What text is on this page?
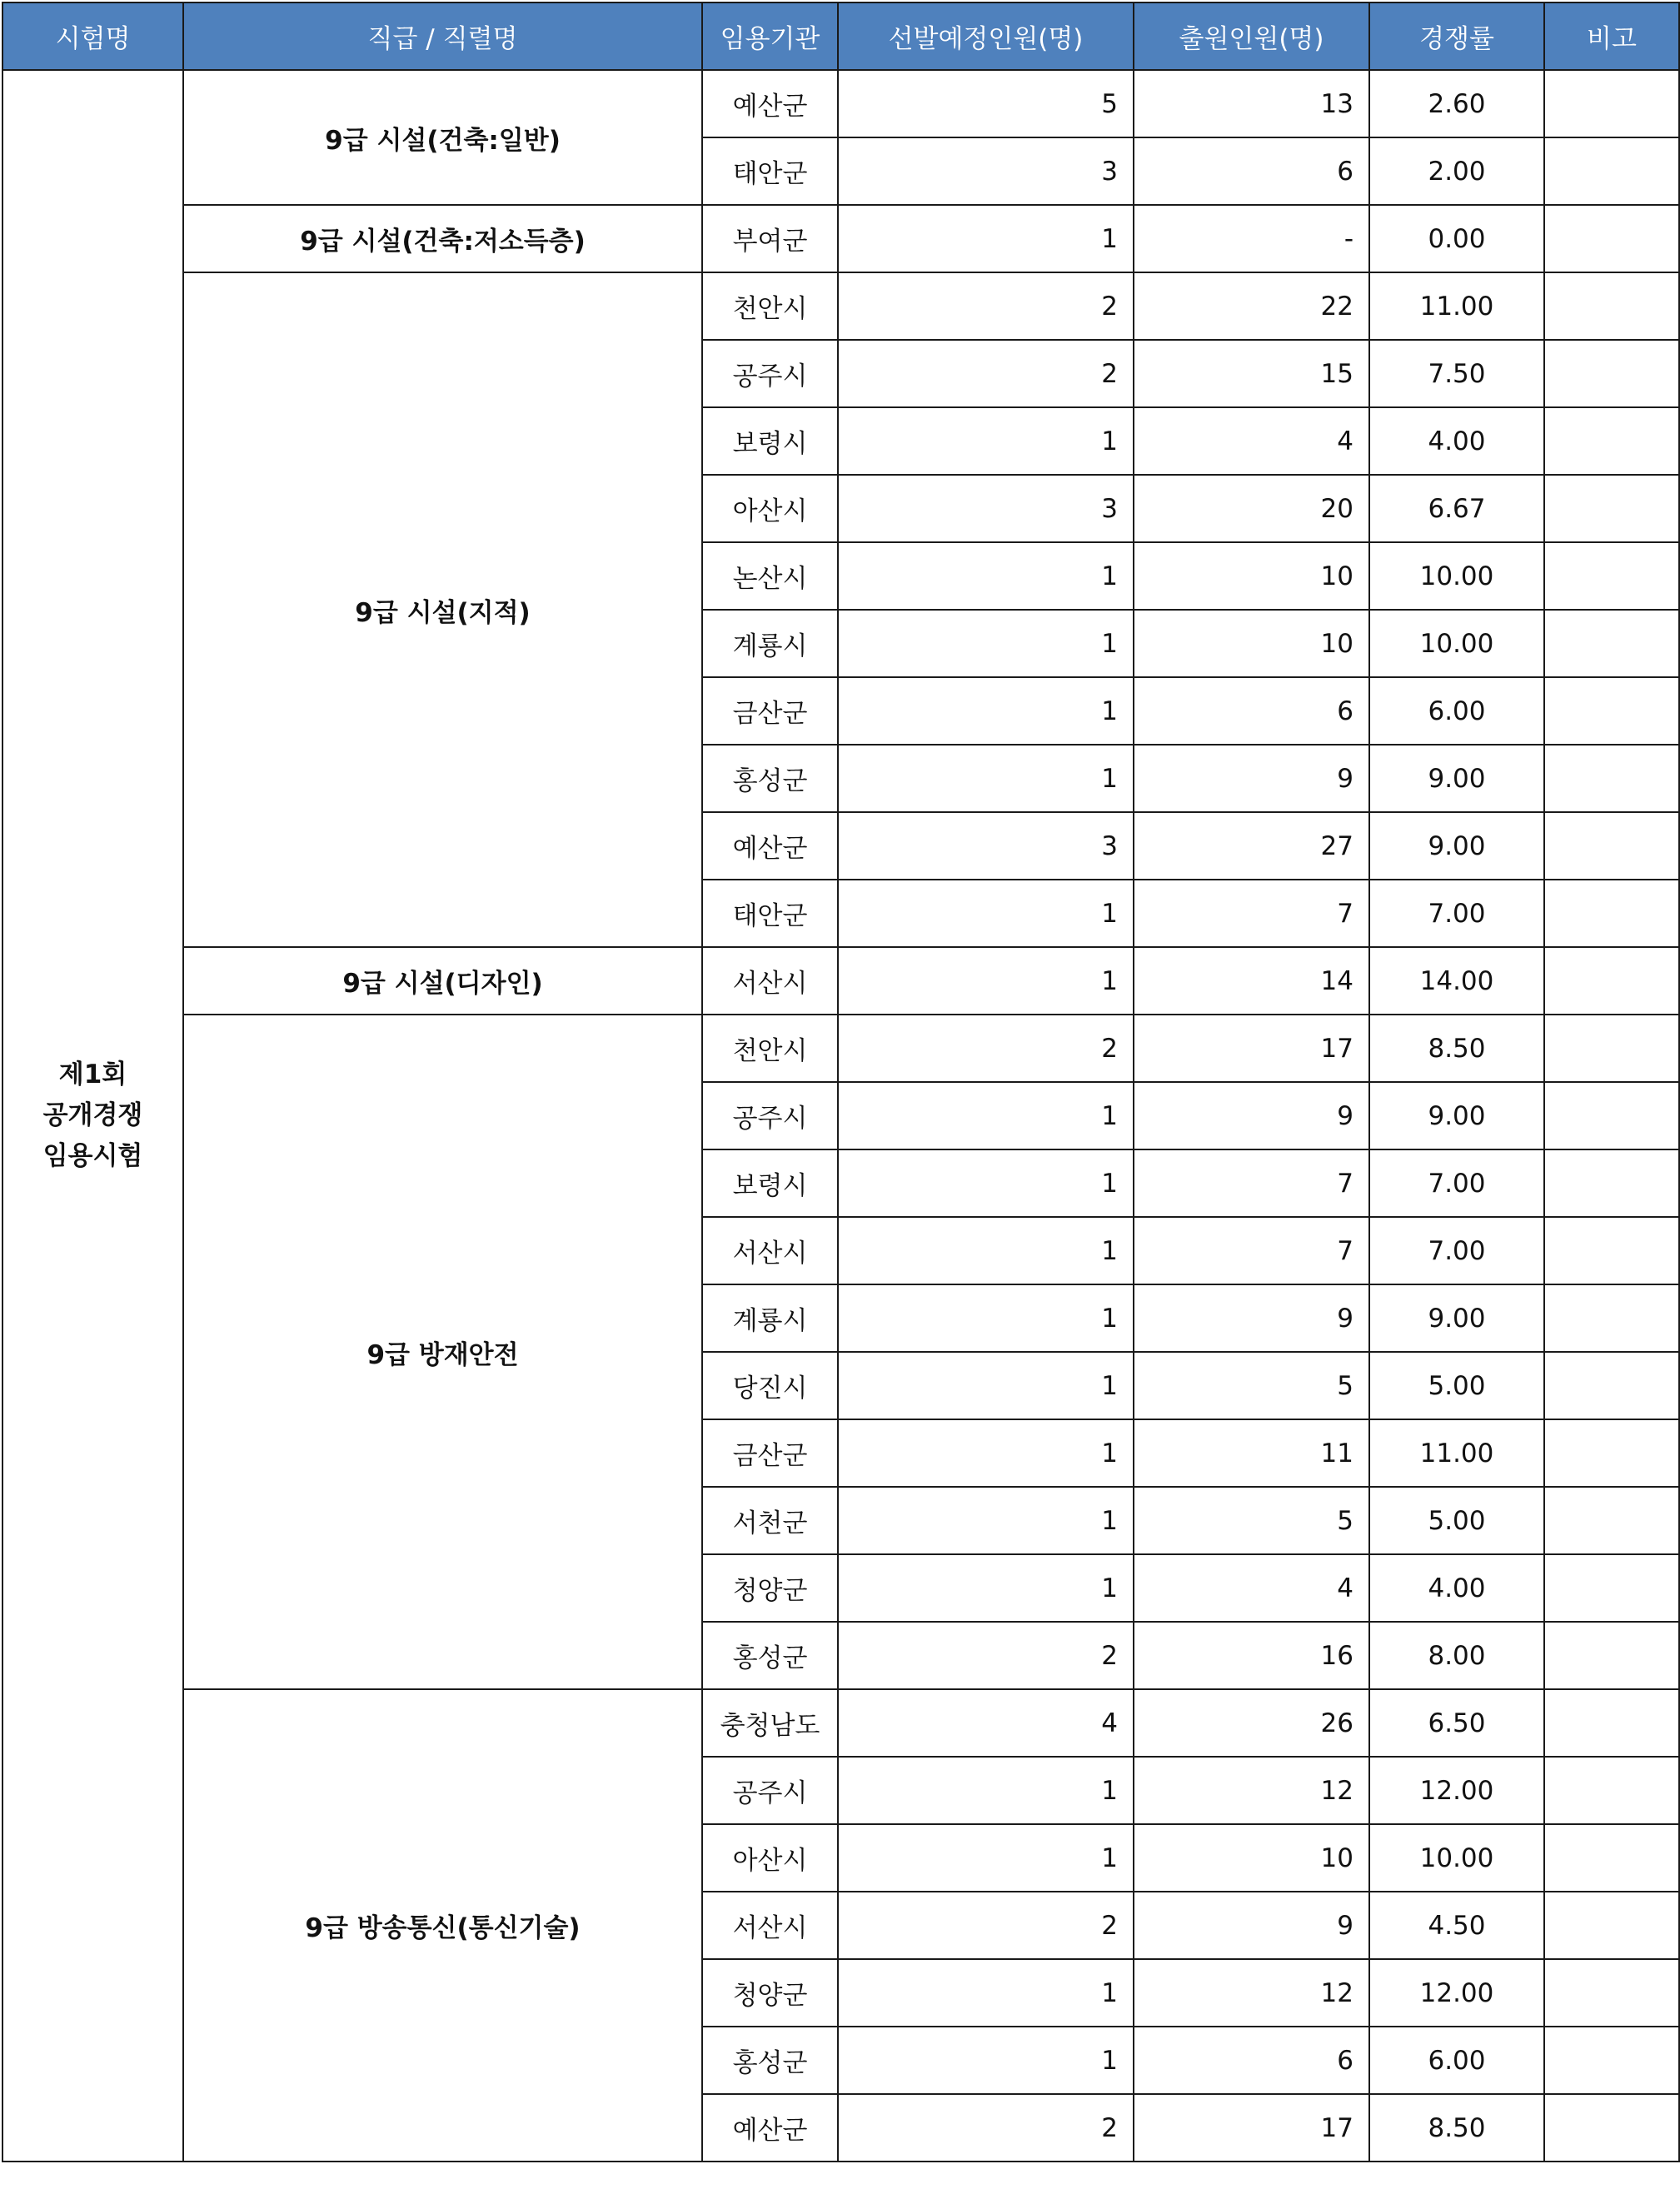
시험명	직급 / 직렬명	임용기관	선발예정인원(명)	출원인원(명)	경쟁률	비고

제1회
공개경쟁
임용시험	9급 시설(건축:일반)	예산군	5	13	2.60	
		태안군	3	6	2.00	
	9급 시설(건축:저소득층)	부여군	1	-	0.00	
	9급 시설(지적)	천안시	2	22	11.00	
		공주시	2	15	7.50	
		보령시	1	4	4.00	
		아산시	3	20	6.67	
		논산시	1	10	10.00	
		계룡시	1	10	10.00	
		금산군	1	6	6.00	
		홍성군	1	9	9.00	
		예산군	3	27	9.00	
		태안군	1	7	7.00	
	9급 시설(디자인)	서산시	1	14	14.00	
	9급 방재안전	천안시	2	17	8.50	
		공주시	1	9	9.00	
		보령시	1	7	7.00	
		서산시	1	7	7.00	
		계룡시	1	9	9.00	
		당진시	1	5	5.00	
		금산군	1	11	11.00	
		서천군	1	5	5.00	
		청양군	1	4	4.00	
		홍성군	2	16	8.00	
	9급 방송통신(통신기술)	충청남도	4	26	6.50	
		공주시	1	12	12.00	
		아산시	1	10	10.00	
		서산시	2	9	4.50	
		청양군	1	12	12.00	
		홍성군	1	6	6.00	
		예산군	2	17	8.50	
